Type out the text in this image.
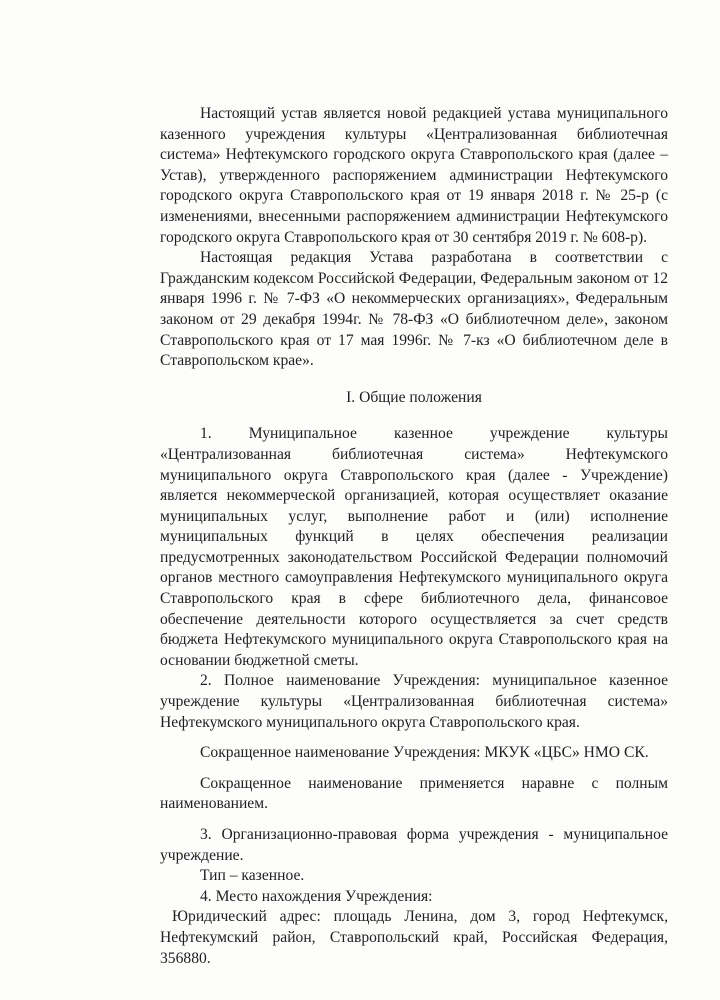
Настоящий устав является новой редакцией устава муниципального казенного учреждения культуры «Централизованная библиотечная система» Нефтекумского городского округа Ставропольского края (далее – Устав), утвержденного распоряжением администрации Нефтекумского городского округа Ставропольского края от 19 января 2018 г. № 25-р (с изменениями, внесенными распоряжением администрации Нефтекумского городского округа Ставропольского края от 30 сентября 2019 г. № 608-р).

Настоящая редакция Устава разработана в соответствии с Гражданским кодексом Российской Федерации, Федеральным законом от 12 января 1996 г. № 7-ФЗ «О некоммерческих организациях», Федеральным законом от 29 декабря 1994г. № 78-ФЗ «О библиотечном деле», законом Ставропольского края от 17 мая 1996г. № 7-кз «О библиотечном деле в Ставропольском крае».

I. Общие положения

1. Муниципальное казенное учреждение культуры «Централизованная библиотечная система» Нефтекумского муниципального округа Ставропольского края (далее - Учреждение) является некоммерческой организацией, которая осуществляет оказание муниципальных услуг, выполнение работ и (или) исполнение муниципальных функций в целях обеспечения реализации предусмотренных законодательством Российской Федерации полномочий органов местного самоуправления Нефтекумского муниципального округа Ставропольского края в сфере библиотечного дела, финансовое обеспечение деятельности которого осуществляется за счет средств бюджета Нефтекумского муниципального округа Ставропольского края на основании бюджетной сметы.

2. Полное наименование Учреждения: муниципальное казенное учреждение культуры «Централизованная библиотечная система» Нефтекумского муниципального округа Ставропольского края.

Сокращенное наименование Учреждения: МКУК «ЦБС» НМО СК.

Сокращенное наименование применяется наравне с полным наименованием.

3. Организационно-правовая форма учреждения - муниципальное учреждение.

Тип – казенное.

4. Место нахождения Учреждения:

Юридический адрес: площадь Ленина, дом 3, город Нефтекумск, Нефтекумский район, Ставропольский край, Российская Федерация, 356880.
